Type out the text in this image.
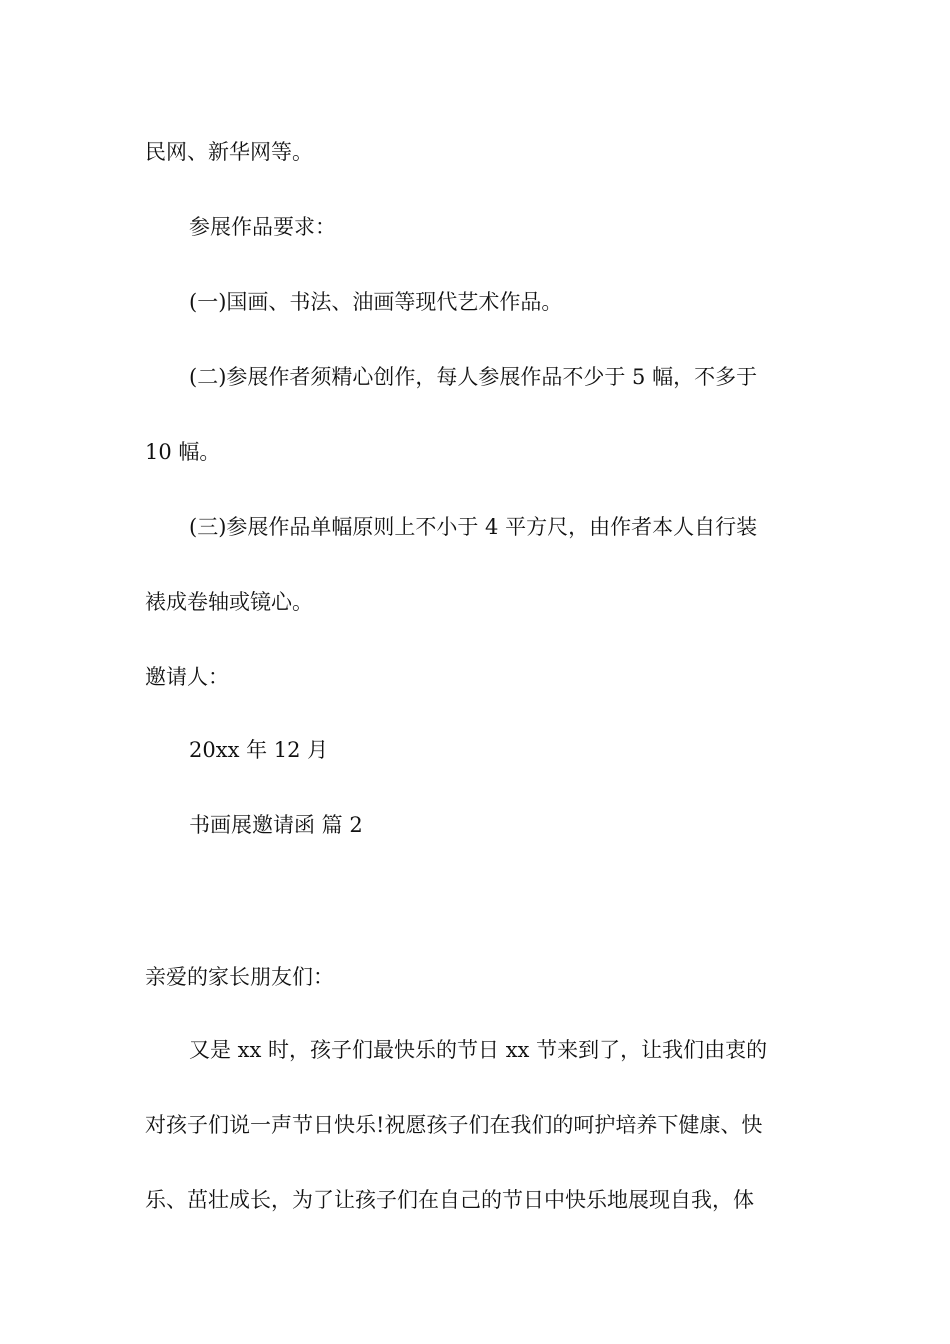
民网、新华网等。

参展作品要求：

(一)国画、书法、油画等现代艺术作品。

(二)参展作者须精心创作，每人参展作品不少于 5 幅，不多于

10 幅。

(三)参展作品单幅原则上不小于 4 平方尺，由作者本人自行装

裱成卷轴或镜心。

邀请人：

20xx 年 12 月

书画展邀请函 篇 2

亲爱的家长朋友们：

又是 xx 时，孩子们最快乐的节日 xx 节来到了，让我们由衷的

对孩子们说一声节日快乐!祝愿孩子们在我们的呵护培养下健康、快

乐、茁壮成长，为了让孩子们在自己的节日中快乐地展现自我，体
